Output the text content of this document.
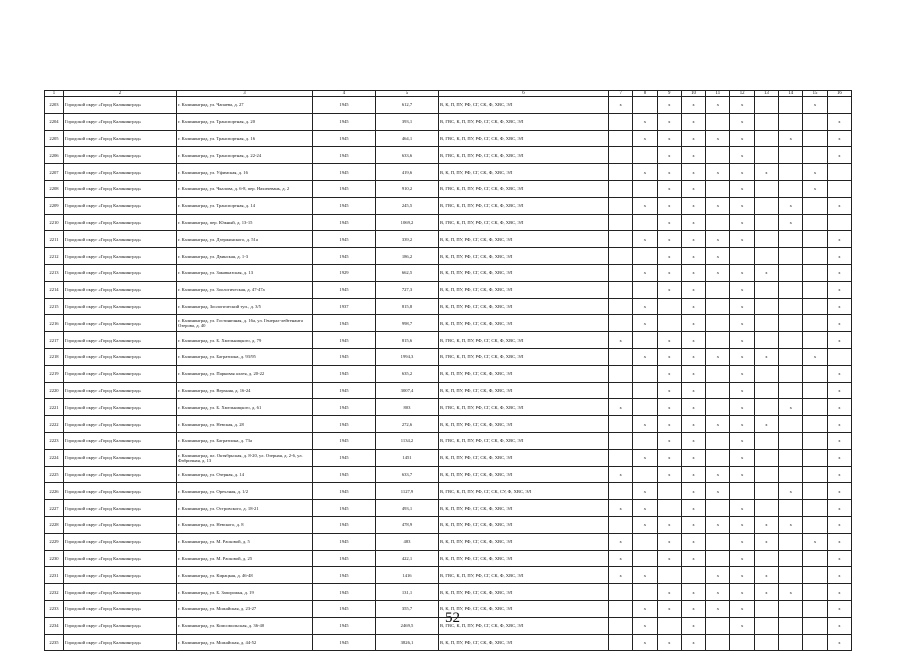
1	2	3	4	5	6	7	8	9	10	11	12	13	14	15	16
2203	Городской округ «Город Калининград»	г. Калининград, ул. Чапаева, д. 27	1945	612,7	В, К, П, ПУ, РФ, СГ, СК, Ф, ХВС, ЭЛ	x		x	x	x	x			x	
2204	Городской округ «Город Калининград»	г. Калининград, ул. Транспортная, д. 20	1945	393,1	В, ГВС, К, П, ПУ, РФ, СГ, СК, Ф, ХВС, ЭЛ		x	x	x		x				x
2205	Городской округ «Город Калининград»	г. Калининград, ул. Транспортная, д. 16	1945	464,1	В, ГВС, К, П, ПУ, РФ, СГ, СК, Ф, ХВС, ЭЛ		x	x	x	x	x		x		x
2206	Городской округ «Город Калининград»	г. Калининград, ул. Транспортная, д. 22-24	1945	633,6	В, ГВС, К, П, ПУ, РФ, СГ, СК, Ф, ХВС, ЭЛ			x	x		x				x
2207	Городской округ «Город Калининград»	г. Калининград, ул. Уфимская, д. 16	1945	419,6	В, К, П, ПУ, РФ, СГ, СК, Ф, ХВС, ЭЛ		x	x	x	x	x	x		x	
2208	Городской округ «Город Калининград»	г. Калининград, ул. Чкалова, д. 6-8, пер. Нахичевань, д. 2	1945	910,2	В, ГВС, К, П, ПУ, РФ, СГ, СК, Ф, ХВС, ЭЛ			x	x		x			x	
2209	Городской округ «Город Калининград»	г. Калининград, ул. Транспортная, д. 14	1945	245,5	В, ГВС, К, П, ПУ, РФ, СГ, СК, Ф, ХВС, ЭЛ		x	x	x	x	x		x		x
2210	Городской округ «Город Калининград»	г. Калининград, пер. Южный, д. 13-15	1945	1069,2	В, ГВС, К, П, ПУ, РФ, СГ, СК, Ф, ХВС, ЭЛ			x	x		x		x		
2211	Городской округ «Город Калининград»	г. Калининград, ул. Дзержинского, д. 51а	1945	339,2	В, К, П, ПУ, РФ, СГ, СК, Ф, ХВС, ЭЛ		x	x	x	x	x				x
2212	Городской округ «Город Калининград»	г. Калининград, ул. Двинская, д. 1-3	1945	186,2	В, К, П, ПУ, РФ, СГ, СК, Ф, ХВС, ЭЛ			x	x	x					x
2213	Городской округ «Город Калининград»	г. Калининград, ул. Закавказская, д. 13	1929	662,5	В, К, П, ПУ, РФ, СГ, СК, Ф, ХВС, ЭЛ		x	x	x	x	x	x			x
2214	Городской округ «Город Калининград»	г. Калининград, ул. Зоологическая, д. 47-47а	1945	727,3	В, К, П, ПУ, РФ, СГ, СК, Ф, ХВС, ЭЛ			x	x		x				x
2215	Городской округ «Город Калининград»	г. Калининград, Зоологический туп., д. 3/5	1937	815,8	В, К, П, ПУ, РФ, СГ, СК, Ф, ХВС, ЭЛ		x		x		x				x
2216	Городской округ «Город Калининград»	г. Калининград, ул. Гостиничная, д. 16а, ул. Генерал-лейтенанта Озерова, д. 40	1945	998,7	В, К, П, ПУ, РФ, СГ, СК, Ф, ХВС, ЭЛ		x		x		x				x
2217	Городской округ «Город Калининград»	г. Калининград, ул. Б. Хмельницкого, д. 79	1945	815,6	В, ГВС, К, П, ПУ, РФ, СГ, СК, Ф, ХВС, ЭЛ	x		x	x		x				x
2218	Городской округ «Город Калининград»	г. Калининград, ул. Багратиона, д. 93/95	1945	1994,3	В, ГВС, К, П, ПУ, РФ, СГ, СК, Ф, ХВС, ЭЛ		x	x	x	x	x	x		x	
2219	Городской округ «Город Калининград»	г. Калининград, ул. Парковая аллея, д. 20-22	1945	635,2	В, К, П, ПУ, РФ, СГ, СК, Ф, ХВС, ЭЛ			x	x		x				x
2220	Городской округ «Город Калининград»	г. Калининград, ул. Верхняя, д. 16-24	1945	3007,4	В, К, П, ПУ, РФ, СГ, СК, Ф, ХВС, ЭЛ			x	x		x				x
2221	Городской округ «Город Калининград»	г. Калининград, ул. Б. Хмельницкого, д. 61	1945	803	В, ГВС, К, П, ПУ, РФ, СГ, СК, Ф, ХВС, ЭЛ	x		x	x		x		x		x
2222	Городской округ «Город Калининград»	г. Калининград, ул. Невская, д. 28	1945	272,6	В, К, П, ПУ, РФ, СГ, СК, Ф, ХВС, ЭЛ		x	x	x	x	x	x			x
2223	Городской округ «Город Калининград»	г. Калининград, ул. Багратиона, д. 73а	1945	1134,2	В, ГВС, К, П, ПУ, РФ, СГ, СК, Ф, ХВС, ЭЛ			x	x		x				x
2224	Городской округ «Город Калининград»	г. Калининград, пл. Октябрьская, д. 8-20, ул. Озерная, д. 2-6, ул. Фабричная, д. 13	1945	1451	В, К, П, ПУ, РФ, СГ, СК, Ф, ХВС, ЭЛ		x	x	x		x				x
2225	Городской округ «Город Калининград»	г. Калининград, ул. Озерная, д. 14	1945	633,7	В, К, П, ПУ, РФ, СГ, СК, Ф, ХВС, ЭЛ	x		x	x	x	x				x
2226	Городской округ «Город Калининград»	г. Калининград, ул. Орехлная, д. 1/2	1945	1127,9	В, ГВС, К, П, ПУ, РФ, СГ, СК, СУ, Ф, ХВС, ЭЛ		x		x	x			x		x
2227	Городской округ «Город Калининград»	г. Калининград, ул. Островского, д. 18-21	1945	493,1	В, К, П, ПУ, РФ, СГ, СК, Ф, ХВС, ЭЛ	x	x		x		x				x
2228	Городской округ «Город Калининград»	г. Калининград, ул. Невского, д. 8	1945	478,9	В, К, П, ПУ, РФ, СГ, СК, Ф, ХВС, ЭЛ		x	x	x	x	x	x	x		x
2229	Городской округ «Город Калининград»	г. Калининград, ул. М. Расковой, д. 5	1945	483	В, К, П, ПУ, РФ, СГ, СК, Ф, ХВС, ЭЛ	x		x	x		x	x		x	x
2230	Городской округ «Город Калининград»	г. Калининград, ул. М. Расковой, д. 25	1945	422,1	В, К, П, ПУ, РФ, СГ, СК, Ф, ХВС, ЭЛ	x		x	x		x				x
2231	Городской округ «Город Калининград»	г. Калининград, ул. Кирацкая, д. 46-48	1945	1416	В, ГВС, К, П, ПУ, РФ, СГ, СК, Ф, ХВС, ЭЛ	x	x			x	x	x			x
2232	Городской округ «Город Калининград»	г. Калининград, ул. Б. Запорожья, д. 19	1945	131,1	В, К, П, ПУ, РФ, СГ, СК, Ф, ХВС, ЭЛ			x	x	x	x	x	x		x
2233	Городской округ «Город Калининград»	г. Калининград, ул. Можайская, д. 23-27	1945	355,7	В, К, П, ПУ, РФ, СГ, СК, Ф, ХВС, ЭЛ		x	x	x	x	x				x
2234	Городской округ «Город Калининград»	г. Калининград, ул. Комсомольская, д. 36-40	1945	2469,5	В, ГВС, К, П, ПУ, РФ, СГ, СК, Ф, ХВС, ЭЛ		x		x		x				x
2235	Городской округ «Город Калининград»	г. Калининград, ул. Можайская, д. 44-52	1945	3826,1	В, К, П, ПУ, РФ, СГ, СК, Ф, ХВС, ЭЛ		x	x	x						x
52
